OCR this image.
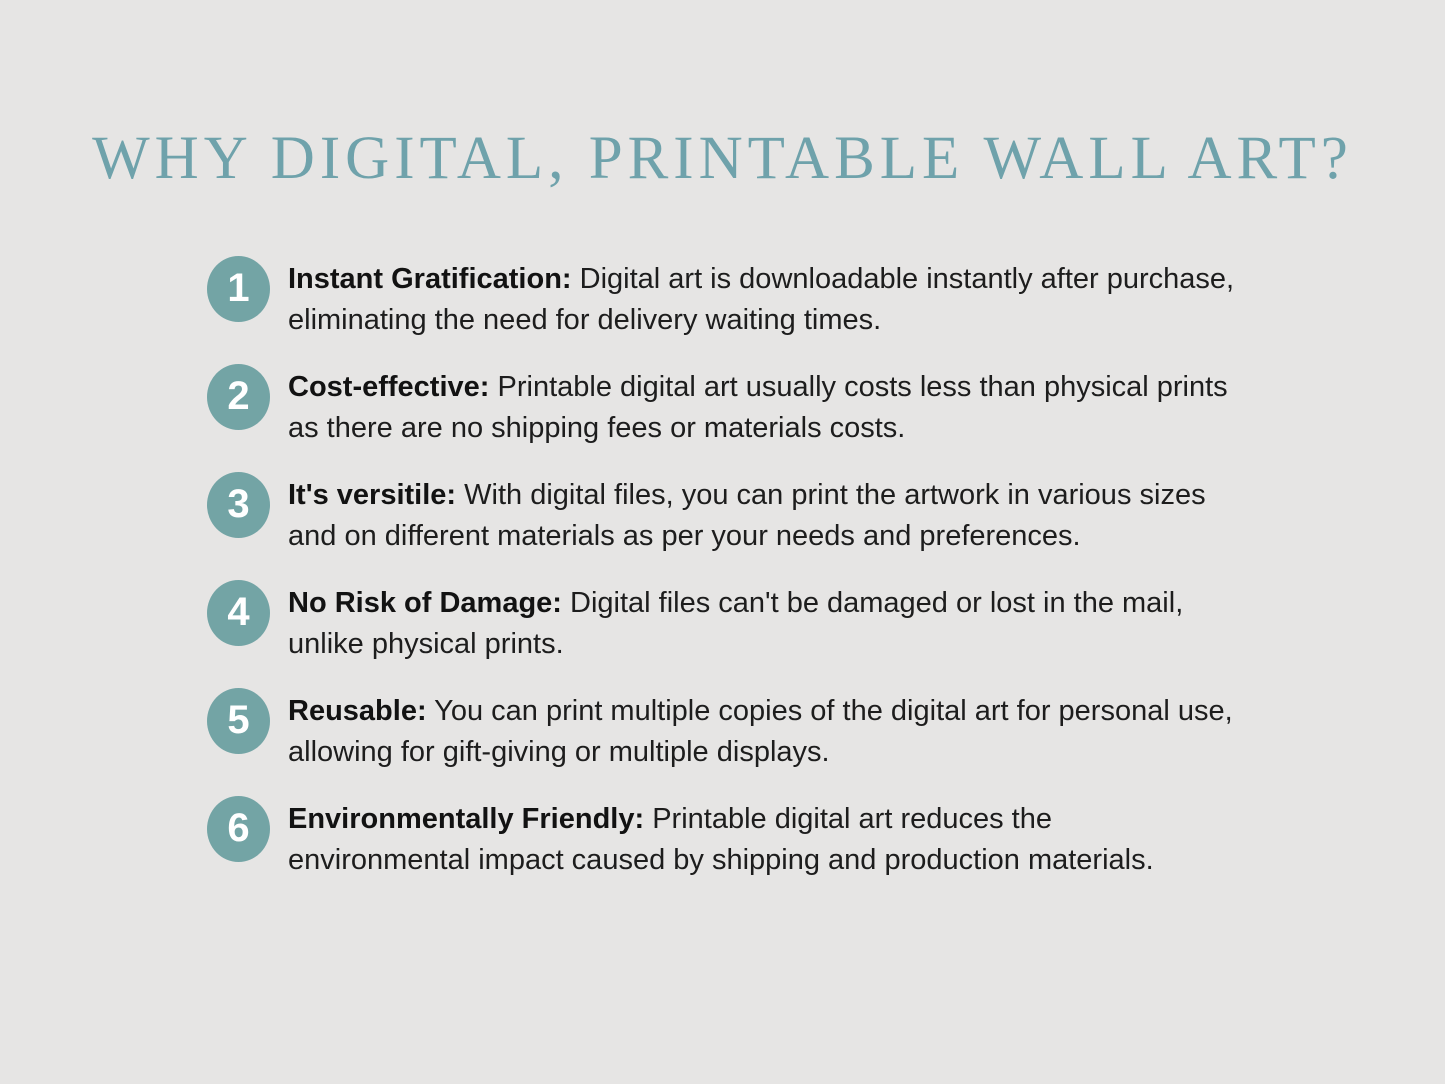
WHY DIGITAL, PRINTABLE WALL ART?
1 Instant Gratification: Digital art is downloadable instantly after purchase, eliminating the need for delivery waiting times.

2 Cost-effective: Printable digital art usually costs less than physical prints as there are no shipping fees or materials costs.

3 It's versitile: With digital files, you can print the artwork in various sizes and on different materials as per your needs and preferences.

4 No Risk of Damage: Digital files can't be damaged or lost in the mail, unlike physical prints.

5 Reusable: You can print multiple copies of the digital art for personal use, allowing for gift-giving or multiple displays.

6 Environmentally Friendly: Printable digital art reduces the environmental impact caused by shipping and production materials.
